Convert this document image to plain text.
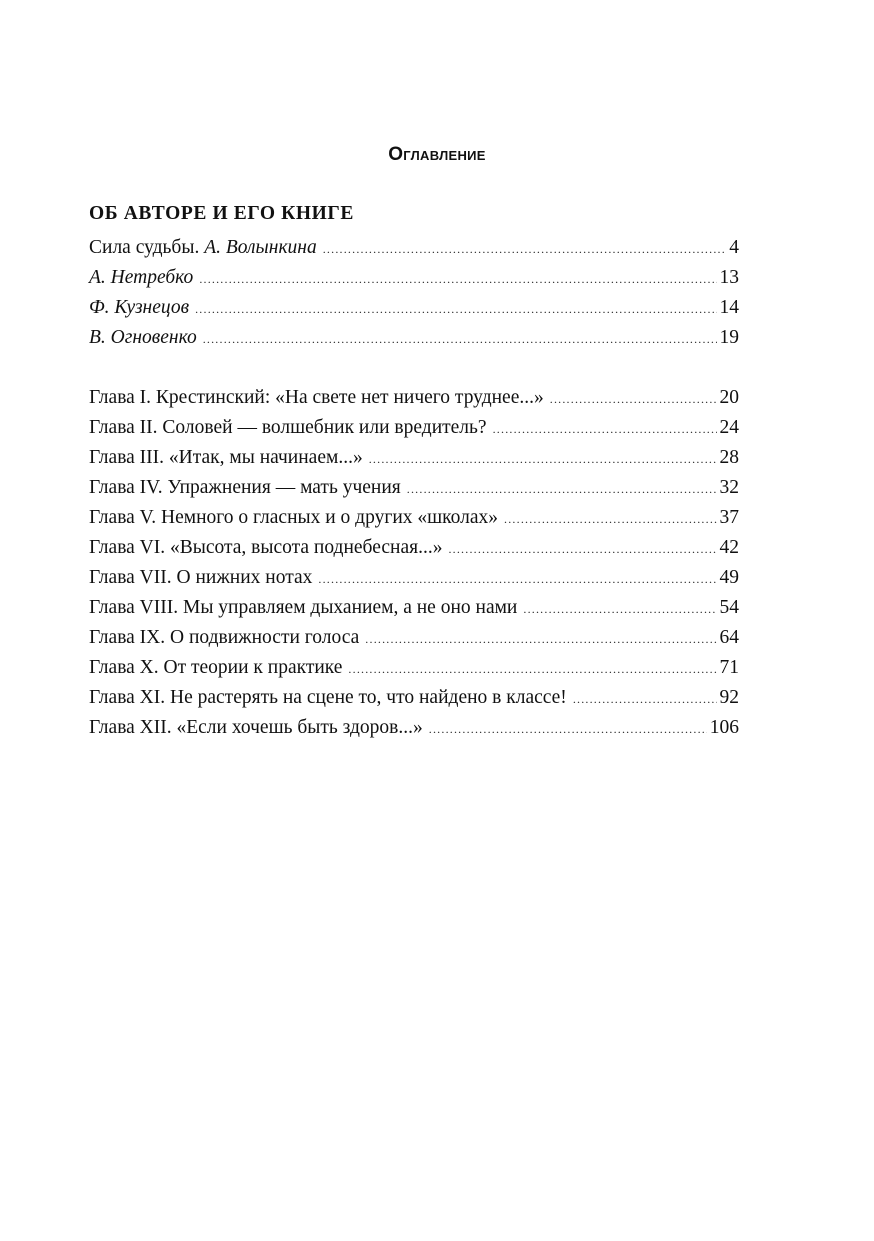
Оглавление
ОБ АВТОРЕ И ЕГО КНИГЕ
Сила судьбы. А. Волынкина .....	4
А. Нетребко .....	13
Ф. Кузнецов .....	14
В. Огновенко .....	19
Глава I. Крестинский: «На свете нет ничего труднее...» .....	20
Глава II. Соловей — волшебник или вредитель? .....	24
Глава III. «Итак, мы начинаем...» .....	28
Глава IV. Упражнения — мать учения .....	32
Глава V. Немного о гласных и о других «школах» .....	37
Глава VI. «Высота, высота поднебесная...» .....	42
Глава VII. О нижних нотах .....	49
Глава VIII. Мы управляем дыханием, а не оно нами .....	54
Глава IX. О подвижности голоса .....	64
Глава X. От теории к практике .....	71
Глава XI. Не растерять на сцене то, что найдено в классе! .....	92
Глава XII. «Если хочешь быть здоров...» .....	106
